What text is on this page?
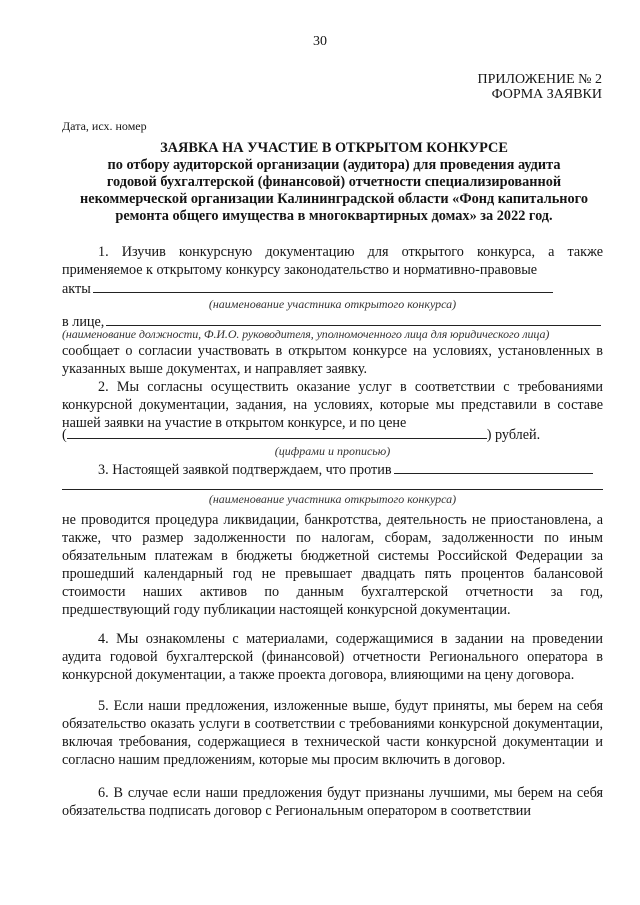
30
ПРИЛОЖЕНИЕ № 2
ФОРМА ЗАЯВКИ
Дата, исх. номер
ЗАЯВКА НА УЧАСТИЕ В ОТКРЫТОМ КОНКУРСЕ
по отбору аудиторской организации (аудитора) для проведения аудита
годовой бухгалтерской (финансовой) отчетности специализированной
некоммерческой организации Калининградской области «Фонд капитального
ремонта общего имущества в многоквартирных домах» за 2022 год.
1. Изучив конкурсную документацию для открытого конкурса, а также применяемое к открытому конкурсу законодательство и нормативно-правовые
акты
(наименование участника открытого конкурса)
в лице,
(наименование должности, Ф.И.О. руководителя, уполномоченного лица для юридического лица)
сообщает о согласии участвовать в открытом конкурсе на условиях, установленных в указанных выше документах, и направляет заявку.
2. Мы согласны осуществить оказание услуг в соответствии с требованиями конкурсной документации, задания, на условиях, которые мы представили в составе нашей заявки на участие в открытом конкурсе, и по цене
(	) рублей.
(цифрами и прописью)
3. Настоящей заявкой подтверждаем, что против
(наименование участника открытого конкурса)
не проводится процедура ликвидации, банкротства, деятельность не приостановлена, а также, что размер задолженности по налогам, сборам, задолженности по иным обязательным платежам в бюджеты бюджетной системы Российской Федерации за прошедший календарный год не превышает двадцать пять процентов балансовой стоимости наших активов по данным бухгалтерской отчетности за год, предшествующий году публикации настоящей конкурсной документации.
4. Мы ознакомлены с материалами, содержащимися в задании на проведении аудита годовой бухгалтерской (финансовой) отчетности Регионального оператора в конкурсной документации, а также проекта договора, влияющими на цену договора.
5. Если наши предложения, изложенные выше, будут приняты, мы берем на себя обязательство оказать услуги в соответствии с требованиями конкурсной документации, включая требования, содержащиеся в технической части конкурсной документации и согласно нашим предложениям, которые мы просим включить в договор.
6. В случае если наши предложения будут признаны лучшими, мы берем на себя обязательства подписать договор с Региональным оператором в соответствии
